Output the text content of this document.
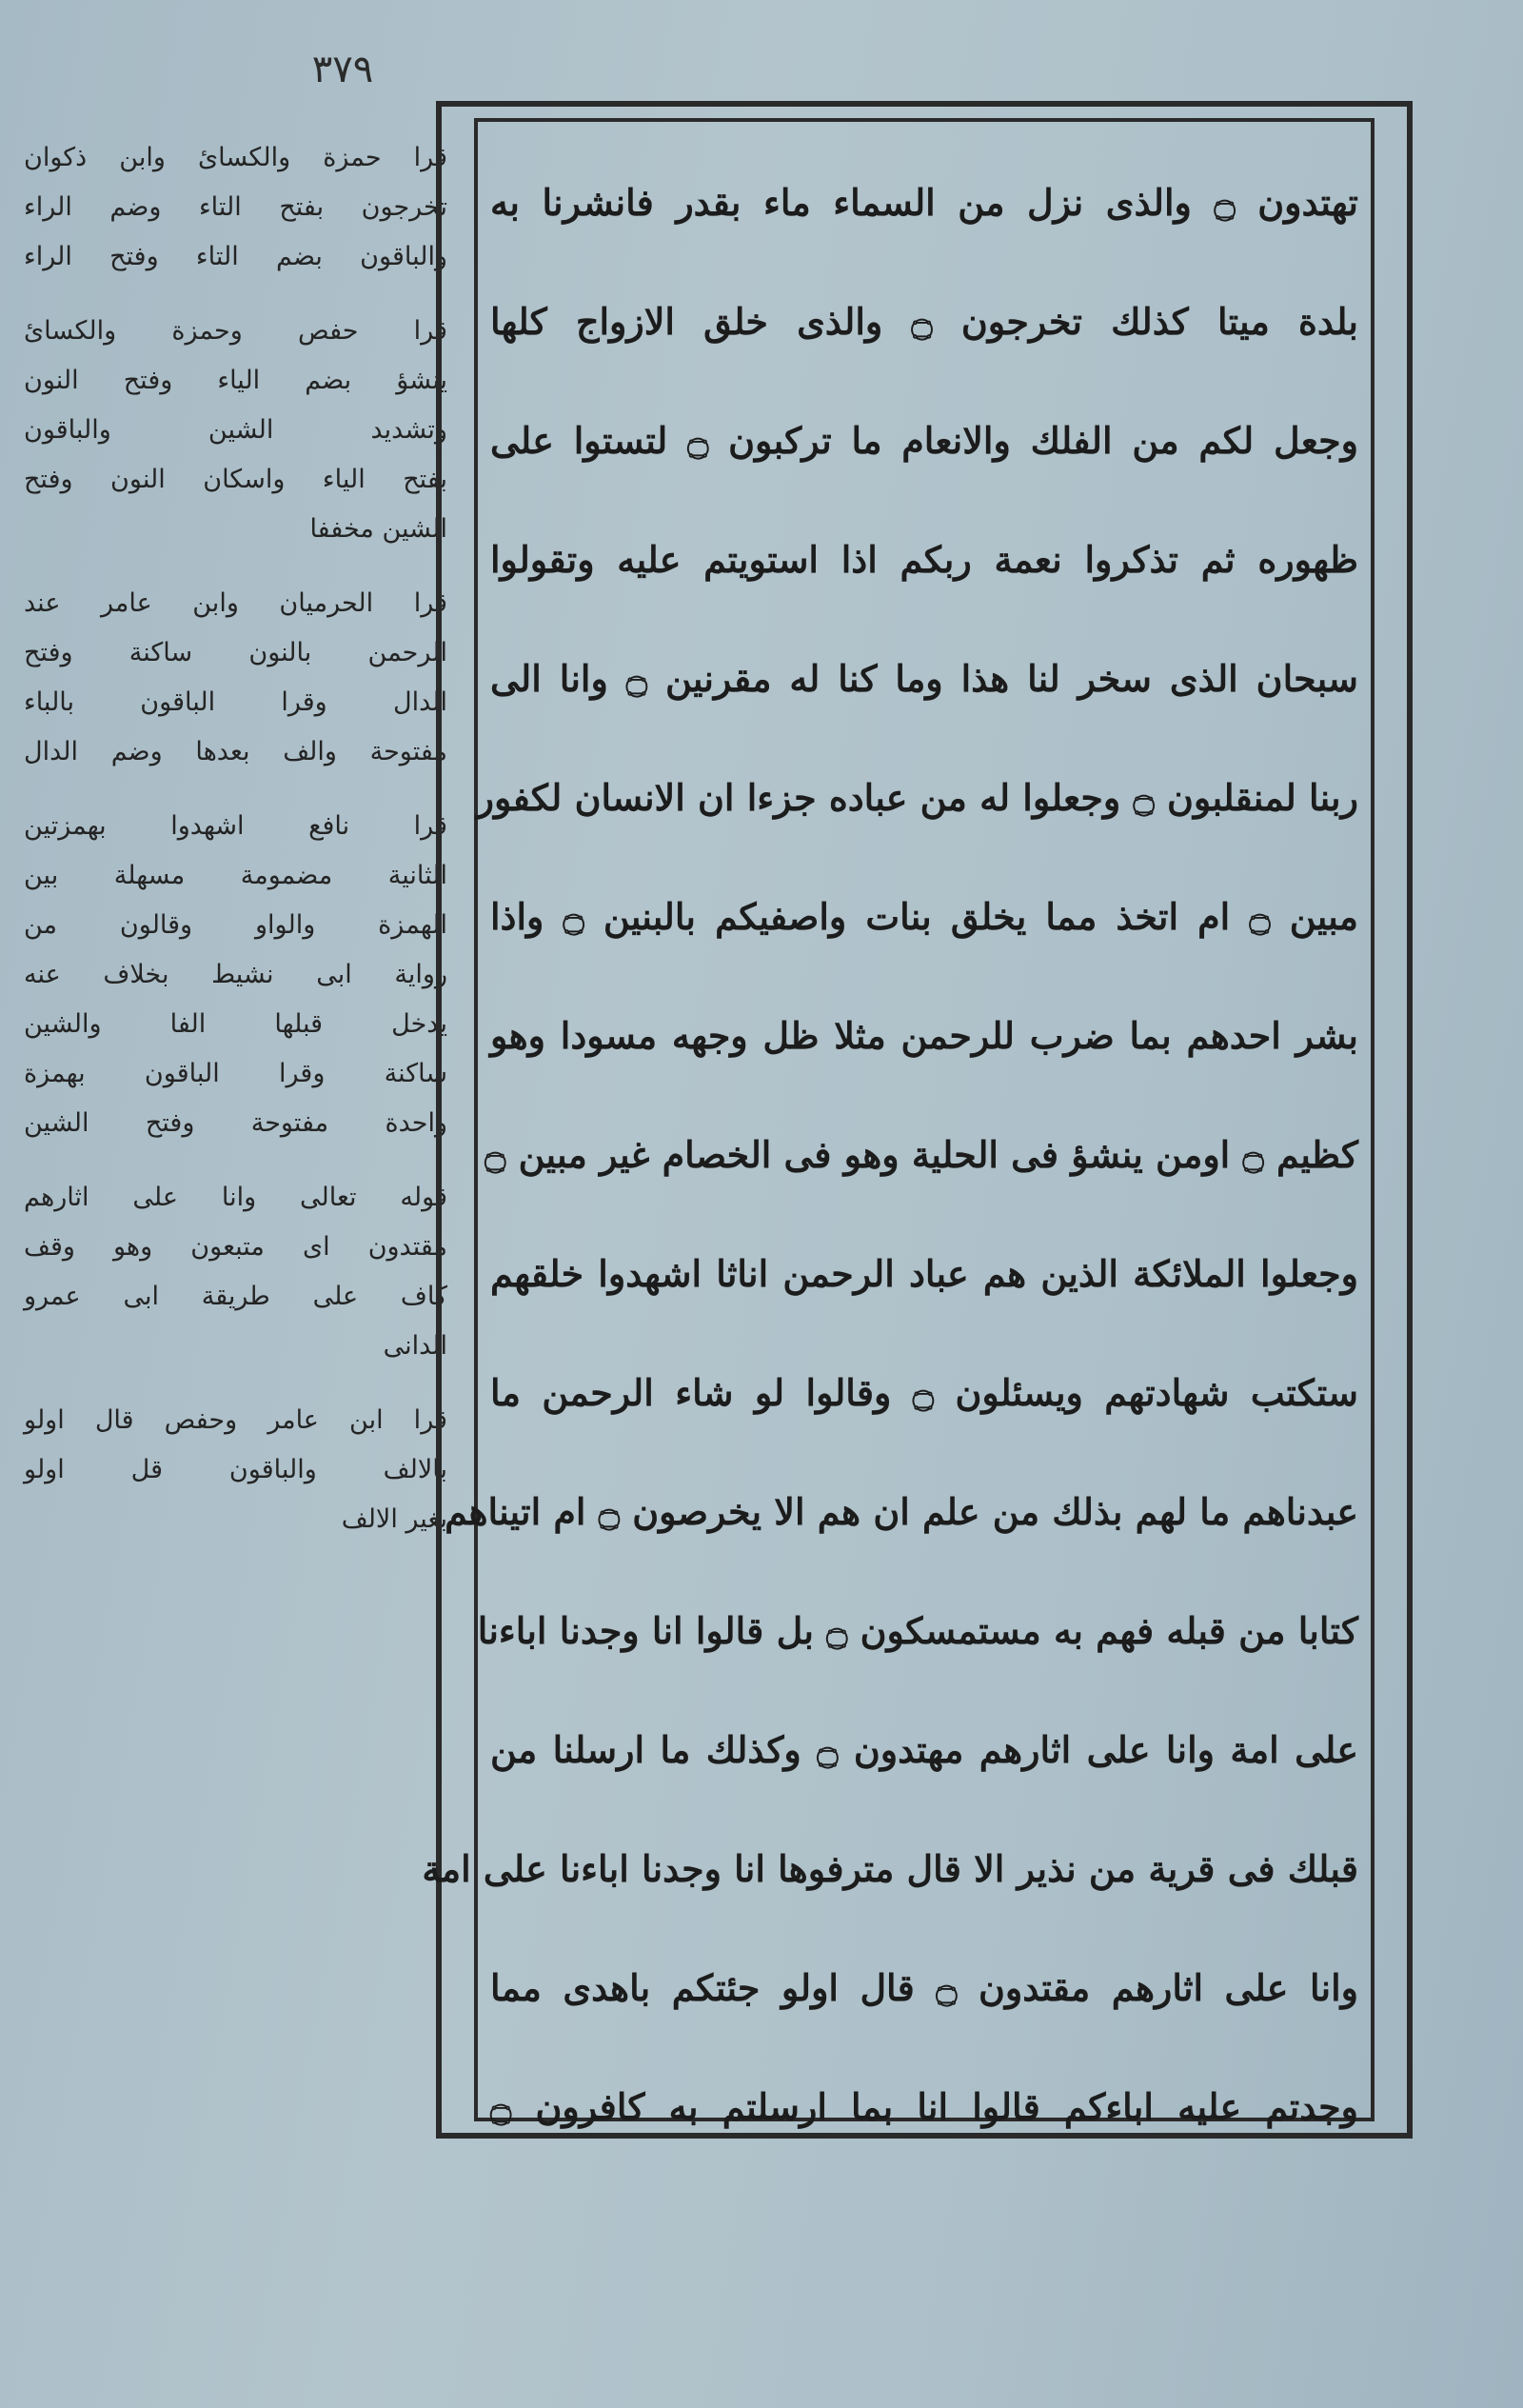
٣٧٩
قرا حمزة والكسائ وابن ذكوان
تخرجون بفتح التاء وضم الراء
والباقون بضم التاء وفتح الراء
قرا حفص وحمزة والكسائ
ينشؤ بضم الياء وفتح النون
وتشديد الشين والباقون
بفتح الياء واسكان النون وفتح
الشين مخففا
قرا الحرميان وابن عامر عند
الرحمن بالنون ساكنة وفتح
الدال وقرا الباقون بالباء
مفتوحة والف بعدها وضم الدال
قرا نافع اشهدوا بهمزتين
الثانية مضمومة مسهلة بين
الهمزة والواو وقالون من
رواية ابى نشيط بخلاف عنه
يدخل قبلها الفا والشين
ساكنة وقرا الباقون بهمزة
واحدة مفتوحة وفتح الشين
قوله تعالى وانا على اثارهم
مقتدون اى متبعون وهو وقف
كاف على طريقة ابى عمرو
الدانى
قرا ابن عامر وحفص قال اولو
بالالف والباقون قل اولو
بغير الالف
تهتدون ۝ والذى نزل من السماء ماء بقدر فانشرنا به
بلدة ميتا كذلك تخرجون ۝ والذى خلق الازواج كلها
وجعل لكم من الفلك والانعام ما تركبون ۝ لتستوا على
ظهوره ثم تذكروا نعمة ربكم اذا استويتم عليه وتقولوا
سبحان الذى سخر لنا هذا وما كنا له مقرنين ۝ وانا الى
ربنا لمنقلبون ۝ وجعلوا له من عباده جزءا ان الانسان لكفور
مبين ۝ ام اتخذ مما يخلق بنات واصفيكم بالبنين ۝ واذا
بشر احدهم بما ضرب للرحمن مثلا ظل وجهه مسودا وهو
كظيم ۝ اومن ينشؤ فى الحلية وهو فى الخصام غير مبين ۝
وجعلوا الملائكة الذين هم عباد الرحمن اناثا اشهدوا خلقهم
ستكتب شهادتهم ويسئلون ۝ وقالوا لو شاء الرحمن ما
عبدناهم ما لهم بذلك من علم ان هم الا يخرصون ۝ ام اتيناهم
كتابا من قبله فهم به مستمسكون ۝ بل قالوا انا وجدنا اباءنا
على امة وانا على اثارهم مهتدون ۝ وكذلك ما ارسلنا من
قبلك فى قرية من نذير الا قال مترفوها انا وجدنا اباءنا على امة
وانا على اثارهم مقتدون ۝ قال اولو جئتكم باهدى مما
وجدتم عليه اباءكم قالوا انا بما ارسلتم به كافرون ۝
